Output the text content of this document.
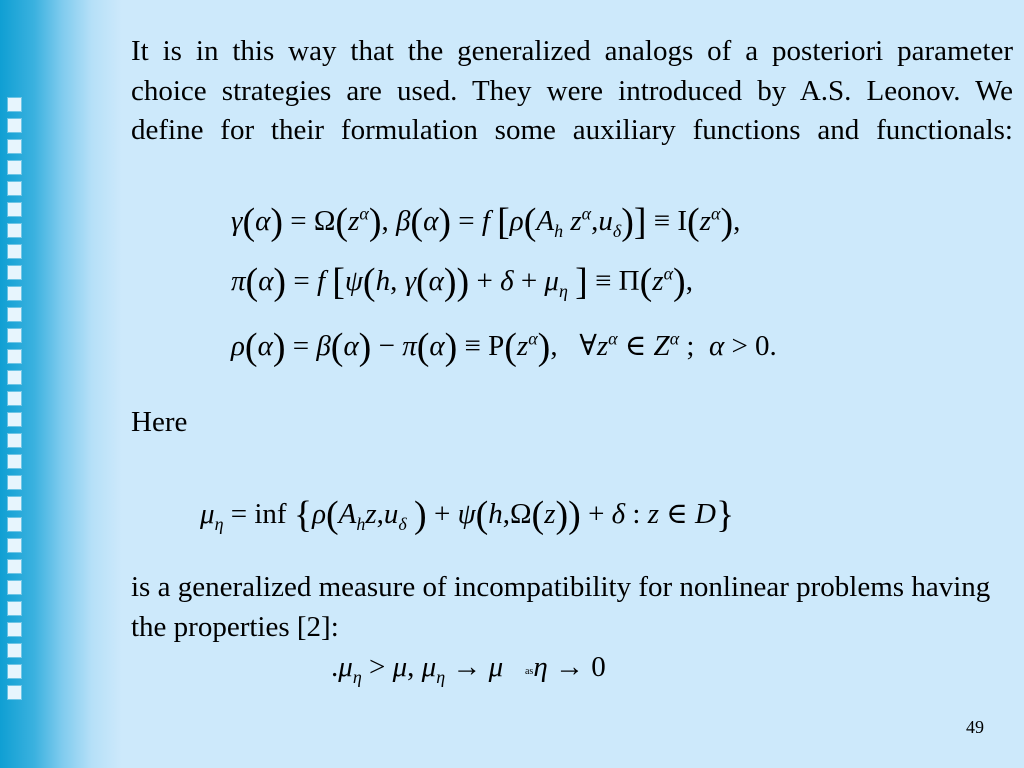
It is in this way that the generalized analogs of a posteriori parameter choice strategies are used. They were introduced by A.S. Leonov. We define for their formulation some auxiliary functions and functionals:
$\gamma(\alpha) = \Omega(z^\alpha)$, β(α) = f [$\rho(A_h$ $z^\alpha,u_\delta)] \equiv I(z^\alpha)$,
π(α) = f [ψ(h, $\gamma(\alpha)) + \delta + \mu_\eta$ ] ≡ $\Pi(z^\alpha)$,
$\rho(\alpha) = \beta(\alpha) - \pi(\alpha) \equiv P(z^\alpha)$,   $\forall z^\alpha$ ∈ $Z^\alpha$ ;  α > 0.
Here
$\mu_\eta$ = inf {$\rho(A_hz,u_\delta$ ) + ψ(h,Ω(z)) + δ : z ∈ D}
is a generalized measure of incompatibility for nonlinear problems having the properties [2]:
$.\mu_\eta > \mu$, $\mu_\eta \to \mu$ asη → 0
49
